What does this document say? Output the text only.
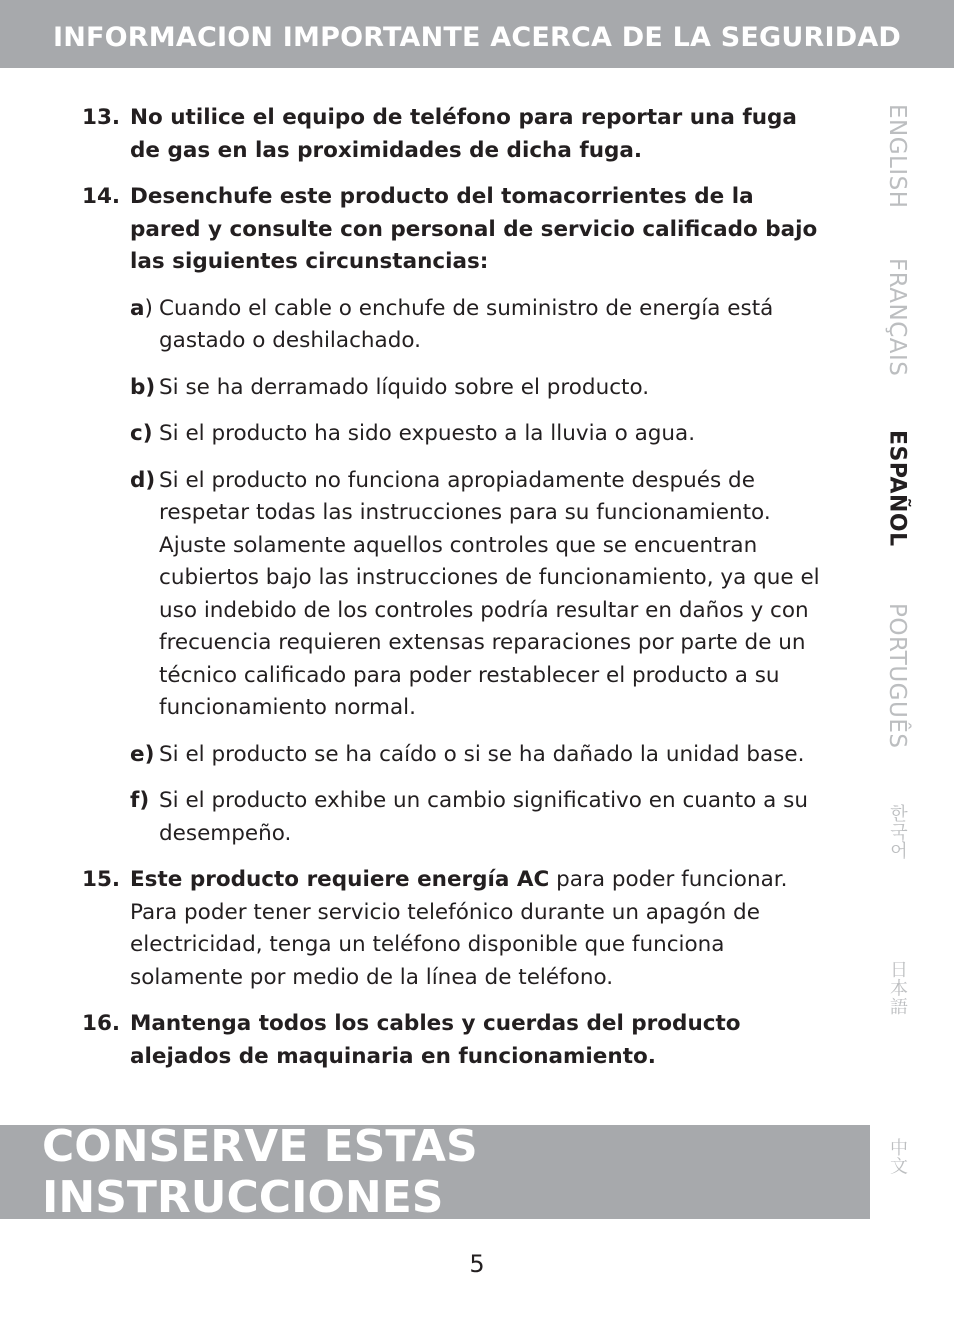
INFORMACION IMPORTANTE ACERCA DE LA SEGURIDAD
13. No utilice el equipo de teléfono para reportar una fuga de gas en las proximidades de dicha fuga.
14. Desenchufe este producto del tomacorrientes de la pared y consulte con personal de servicio calificado bajo las siguientes circunstancias:
a) Cuando el cable o enchufe de suministro de energía está gastado o deshilachado.
b) Si se ha derramado líquido sobre el producto.
c) Si el producto ha sido expuesto a la lluvia o agua.
d) Si el producto no funciona apropiadamente después de respetar todas las instrucciones para su funcionamiento. Ajuste solamente aquellos controles que se encuentran cubiertos bajo las instrucciones de funcionamiento, ya que el uso indebido de los controles podría resultar en daños y con frecuencia requieren extensas reparaciones por parte de un técnico calificado para poder restablecer el producto a su funcionamiento normal.
e) Si el producto se ha caído o si se ha dañado la unidad base.
f) Si el producto exhibe un cambio significativo en cuanto a su desempeño.
15. Este producto requiere energía AC para poder funcionar. Para poder tener servicio telefónico durante un apagón de electricidad, tenga un teléfono disponible que funciona solamente por medio de la línea de teléfono.
16. Mantenga todos los cables y cuerdas del producto alejados de maquinaria en funcionamiento.
CONSERVE ESTAS INSTRUCCIONES
5
ENGLISH
FRANÇAIS
ESPAÑOL
PORTUGUÊS
한국어
日本語
中文
